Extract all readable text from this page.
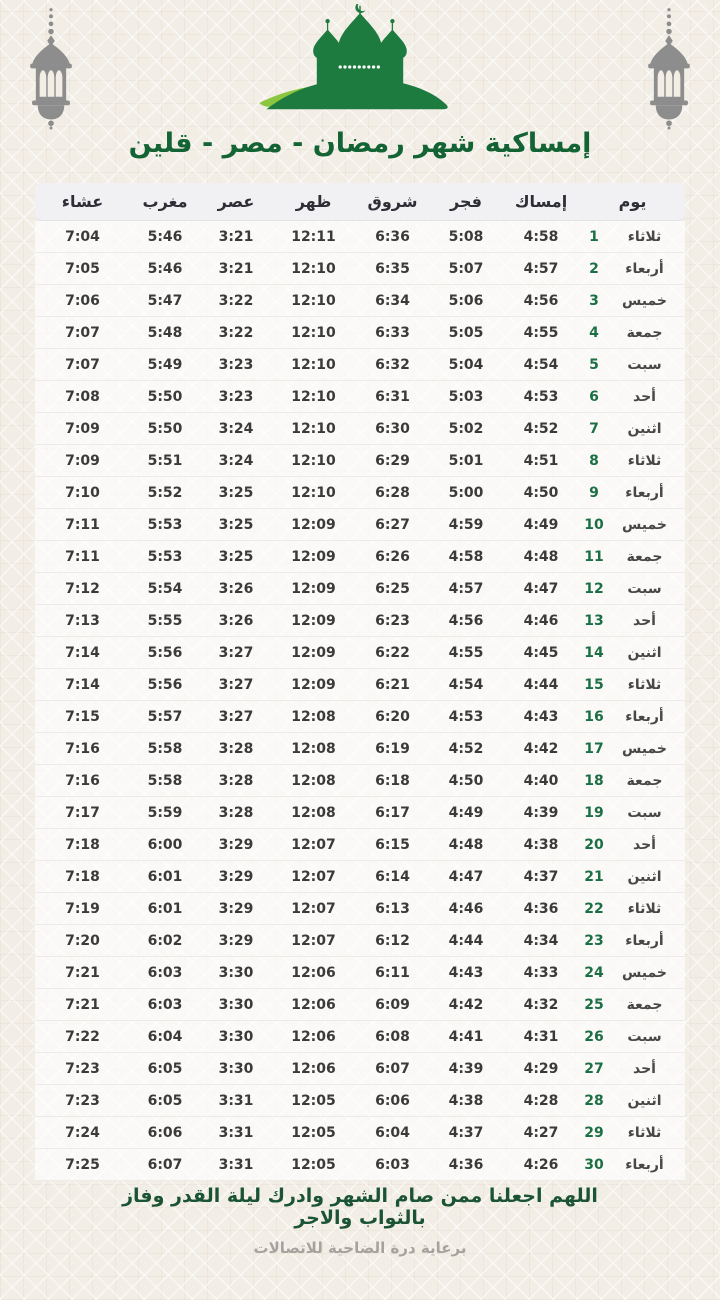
إمساكية شهر رمضان - مصر - قلين
يوم	إمساك	فجر	شروق	ظهر	عصر	مغرب	عشاء

1 ثلاثاء	4:58	5:08	6:36	12:11	3:21	5:46	7:04

2 أربعاء	4:57	5:07	6:35	12:10	3:21	5:46	7:05

3 خميس	4:56	5:06	6:34	12:10	3:22	5:47	7:06

4 جمعة	4:55	5:05	6:33	12:10	3:22	5:48	7:07

5 سبت	4:54	5:04	6:32	12:10	3:23	5:49	7:07

6 أحد	4:53	5:03	6:31	12:10	3:23	5:50	7:08

7 اثنين	4:52	5:02	6:30	12:10	3:24	5:50	7:09

8 ثلاثاء	4:51	5:01	6:29	12:10	3:24	5:51	7:09

9 أربعاء	4:50	5:00	6:28	12:10	3:25	5:52	7:10

10 خميس	4:49	4:59	6:27	12:09	3:25	5:53	7:11

11 جمعة	4:48	4:58	6:26	12:09	3:25	5:53	7:11

12 سبت	4:47	4:57	6:25	12:09	3:26	5:54	7:12

13 أحد	4:46	4:56	6:23	12:09	3:26	5:55	7:13

14 اثنين	4:45	4:55	6:22	12:09	3:27	5:56	7:14

15 ثلاثاء	4:44	4:54	6:21	12:09	3:27	5:56	7:14

16 أربعاء	4:43	4:53	6:20	12:08	3:27	5:57	7:15

17 خميس	4:42	4:52	6:19	12:08	3:28	5:58	7:16

18 جمعة	4:40	4:50	6:18	12:08	3:28	5:58	7:16

19 سبت	4:39	4:49	6:17	12:08	3:28	5:59	7:17

20 أحد	4:38	4:48	6:15	12:07	3:29	6:00	7:18

21 اثنين	4:37	4:47	6:14	12:07	3:29	6:01	7:18

22 ثلاثاء	4:36	4:46	6:13	12:07	3:29	6:01	7:19

23 أربعاء	4:34	4:44	6:12	12:07	3:29	6:02	7:20

24 خميس	4:33	4:43	6:11	12:06	3:30	6:03	7:21

25 جمعة	4:32	4:42	6:09	12:06	3:30	6:03	7:21

26 سبت	4:31	4:41	6:08	12:06	3:30	6:04	7:22

27 أحد	4:29	4:39	6:07	12:06	3:30	6:05	7:23

28 اثنين	4:28	4:38	6:06	12:05	3:31	6:05	7:23

29 ثلاثاء	4:27	4:37	6:04	12:05	3:31	6:06	7:24

30 أربعاء	4:26	4:36	6:03	12:05	3:31	6:07	7:25
اللهم اجعلنا ممن صام الشهر وادرك ليلة القدر وفاز
بالثواب والاجر
برعاية درة الضاحية للاتصالات
